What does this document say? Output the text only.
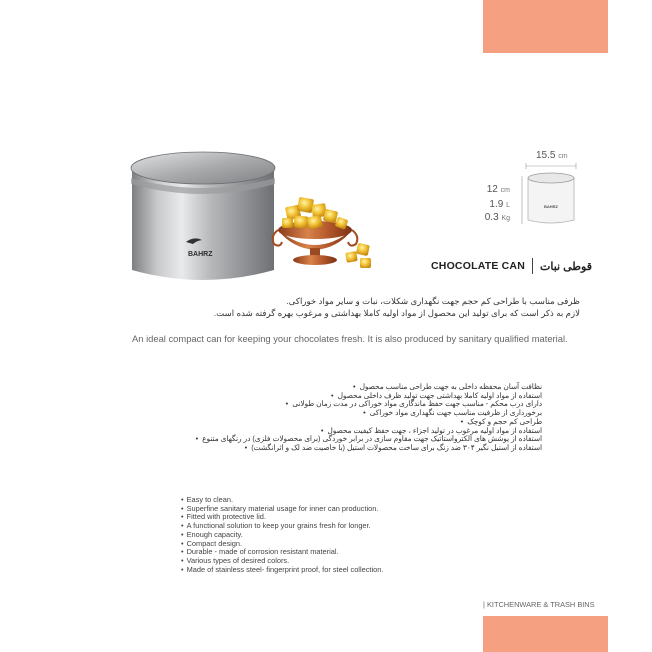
BAHRZ
15.5 cm
12 cm
1.9 L
0.3 Kg
BAHRZ
CHOCOLATE CAN قوطی نبات
ظرفی مناسب با طراحی کم حجم جهت نگهداری شکلات، نبات و سایر مواد خوراکی.
لازم به ذکر است که برای تولید این محصول از مواد اولیه کاملا بهداشتی و مرغوب بهره گرفته شده است.
An ideal compact can for keeping your chocolates fresh. It is also produced by sanitary qualified material.
نظافت آسان محفظه داخلی به جهت طراحی مناسب محصول •
استفاده از مواد اولیه کاملا بهداشتی جهت تولید ظرف داخلی محصول •
دارای درب محکم - مناسب جهت حفظ ماندگاری مواد خوراکی در مدت زمان طولانی •
برخورداری از ظرفیت مناسب جهت نگهداری مواد خوراکی •
طراحی کم حجم و کوچک •
استفاده از مواد اولیه مرغوب در تولید اجزاء ، جهت حفظ کیفیت محصول •
استفاده از پوشش های الکترواستاتیک جهت مقاوم سازی در برابر خوردگی (برای محصولات فلزی) در رنگهای متنوع •
استفاده از استیل نگیر ۳۰۴ ضد زنگ برای ساخت محصولات استیل (با خاصیت ضد لک و اثرانگشت) •
• Easy to clean.
• Superfine sanitary material usage for inner can production.
• Fitted with protective lid.
• A functional solution to keep your grains fresh for longer.
• Enough capacity.
• Compact design.
• Durable - made of corrosion resistant material.
• Various types of desired colors.
• Made of stainless steel- fingerprint proof, for steel collection.
| KITCHENWARE & TRASH BINS
